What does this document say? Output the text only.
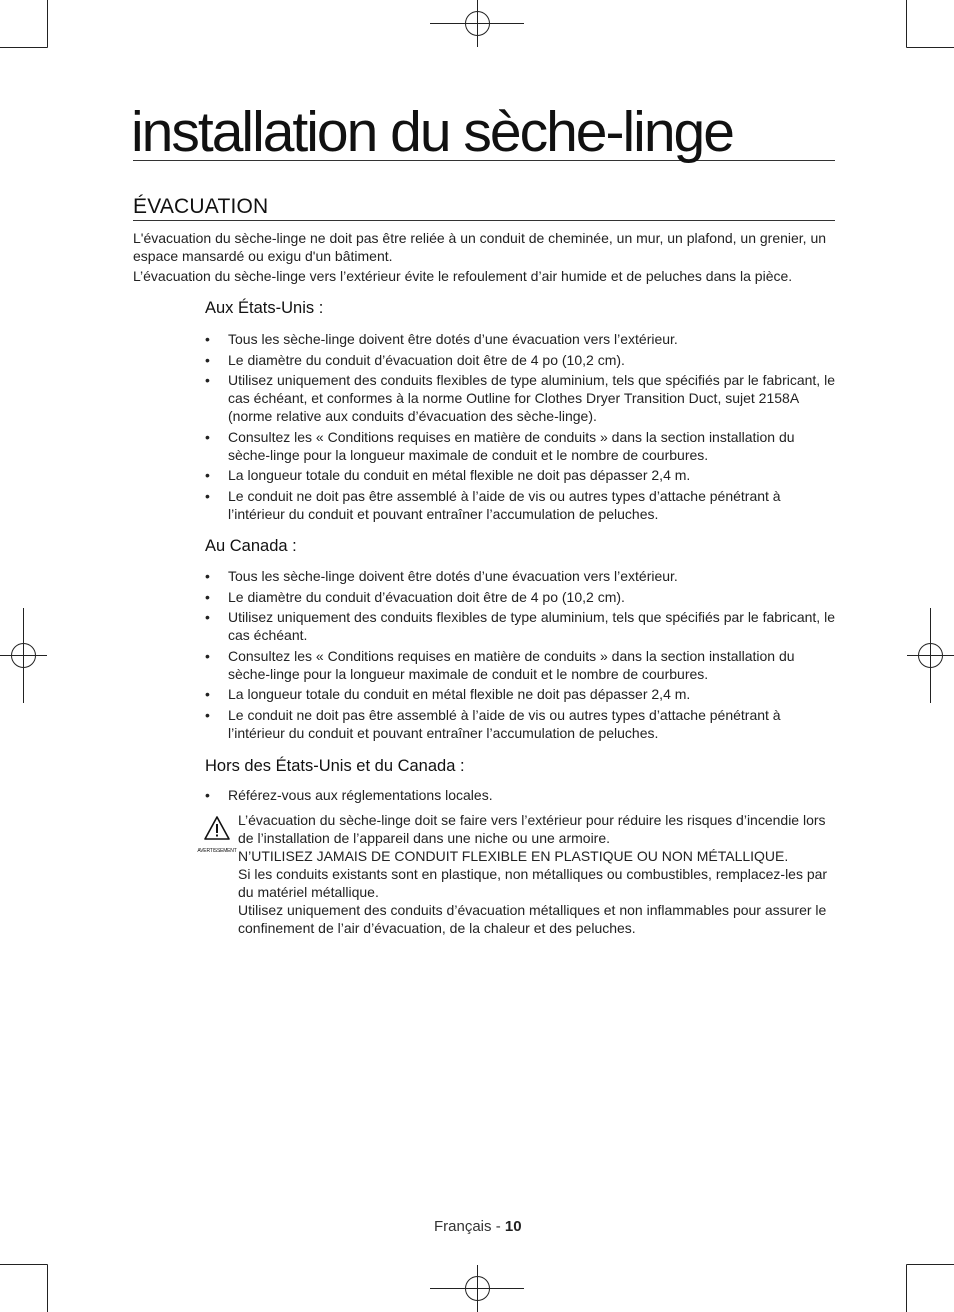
installation du sèche-linge
ÉVACUATION

L'évacuation du sèche-linge ne doit pas être reliée à un conduit de cheminée, un mur, un plafond, un grenier, un espace mansardé ou exigu d'un bâtiment.

L’évacuation du sèche-linge vers l’extérieur évite le refoulement d’air humide et de peluches dans la pièce.

Aux États-Unis :
• Tous les sèche-linge doivent être dotés d’une évacuation vers l’extérieur.
• Le diamètre du conduit d’évacuation doit être de 4 po (10,2 cm).
• Utilisez uniquement des conduits flexibles de type aluminium, tels que spécifiés par le fabricant, le cas échéant, et conformes à la norme Outline for Clothes Dryer Transition Duct, sujet 2158A (norme relative aux conduits d’évacuation des sèche-linge).
• Consultez les « Conditions requises en matière de conduits » dans la section installation du sèche-linge pour la longueur maximale de conduit et le nombre de courbures.
• La longueur totale du conduit en métal flexible ne doit pas dépasser 2,4 m.
• Le conduit ne doit pas être assemblé à l’aide de vis ou autres types d’attache pénétrant à l’intérieur du conduit et pouvant entraîner l’accumulation de peluches.
Au Canada :
• Tous les sèche-linge doivent être dotés d’une évacuation vers l’extérieur.
• Le diamètre du conduit d’évacuation doit être de 4 po (10,2 cm).
• Utilisez uniquement des conduits flexibles de type aluminium, tels que spécifiés par le fabricant, le cas échéant.
• Consultez les « Conditions requises en matière de conduits » dans la section installation du sèche-linge pour la longueur maximale de conduit et le nombre de courbures.
• La longueur totale du conduit en métal flexible ne doit pas dépasser 2,4 m.
• Le conduit ne doit pas être assemblé à l’aide de vis ou autres types d’attache pénétrant à l’intérieur du conduit et pouvant entraîner l’accumulation de peluches.
Hors des États-Unis et du Canada :
• Référez-vous aux réglementations locales.
AVERTISSEMENT

L’évacuation du sèche-linge doit se faire vers l’extérieur pour réduire les risques d’incendie lors de l’installation de l’appareil dans une niche ou une armoire.

N’UTILISEZ JAMAIS DE CONDUIT FLEXIBLE EN PLASTIQUE OU NON MÉTALLIQUE.

Si les conduits existants sont en plastique, non métalliques ou combustibles, remplacez-les par du matériel métallique.

Utilisez uniquement des conduits d’évacuation métalliques et non inflammables pour assurer le confinement de l’air d’évacuation, de la chaleur et des peluches.

Français - 10
